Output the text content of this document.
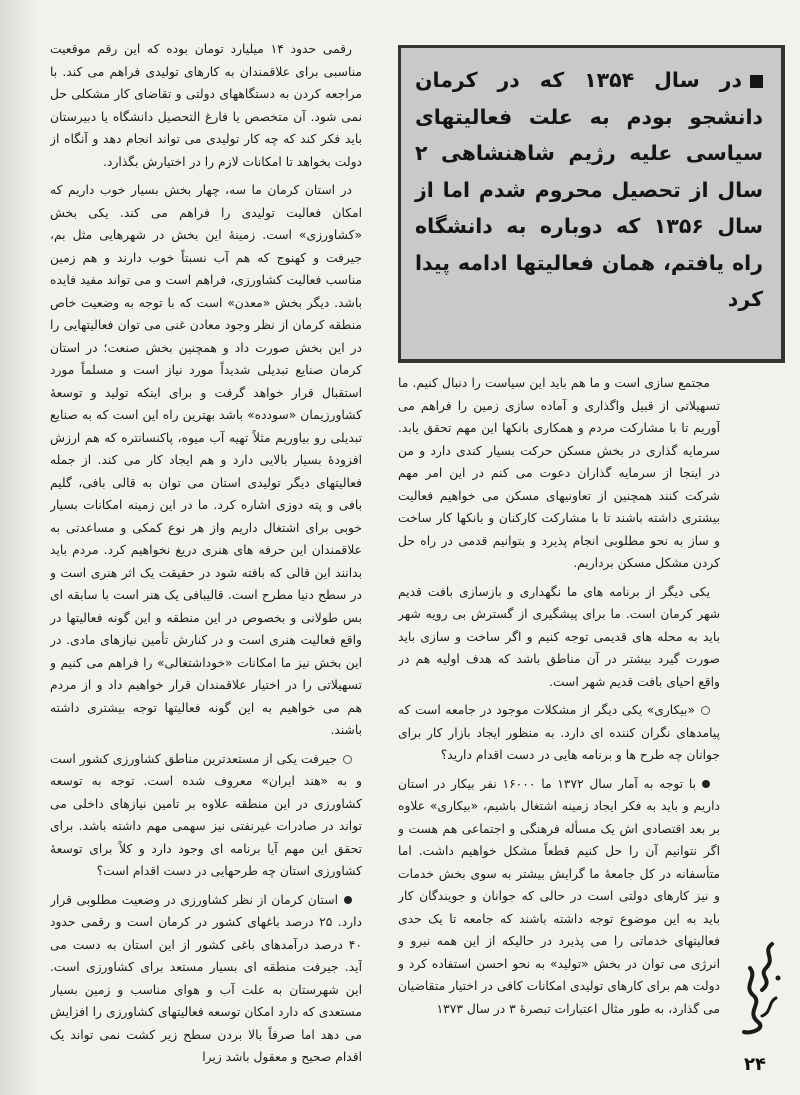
رقمی حدود ۱۴ میلیارد تومان بوده که این رقم موقعیت مناسبی برای علاقمندان به کارهای تولیدی فراهم می کند. با مراجعه کردن به دستگاههای دولتی و تقاضای کار مشکلی حل نمی شود. آن متخصص یا فارغ التحصیل دانشگاه یا دبیرستان باید فکر کند که چه کار تولیدی می تواند انجام دهد و آنگاه از دولت بخواهد تا امکانات لازم را در اختیارش بگذارد.

در استان کرمان ما سه، چهار بخش بسیار خوب داریم که امکان فعالیت تولیدی را فراهم می کند. یکی بخش «کشاورزی» است. زمینهٔ این بخش در شهرهایی مثل بم، جیرفت و کهنوج که هم آب نسبتاً خوب دارند و هم زمین مناسب فعالیت کشاورزی، فراهم است و می تواند مفید فایده باشد. دیگر بخش «معدن» است که با توجه به وضعیت خاص منطقه کرمان از نظر وجود معادن غنی می توان فعالیتهایی را در این بخش صورت داد و همچنین بخش صنعت؛ در استان کرمان صنایع تبدیلی شدیداً مورد نیاز است و مسلماً مورد استقبال قرار خواهد گرفت و برای اینکه تولید و توسعهٔ کشاورزیمان «سودده» باشد بهترین راه این است که به صنایع تبدیلی رو بیاوریم مثلاً تهیه آب میوه، پاکنسانتره که هم ارزش افزودهٔ بسیار بالایی دارد و هم ایجاد کار می کند. از جمله فعالیتهای دیگر تولیدی استان می توان به قالی بافی، گلیم بافی و پته دوزی اشاره کرد. ما در این زمینه امکانات بسیار خوبی برای اشتغال داریم واز هر نوع کمکی و مساعدتی به علاقمندان این حرفه های هنری دریغ نخواهیم کرد. مردم باید بدانند این قالی که بافته شود در حقیقت یک اثر هنری است و در سطح دنیا مطرح است. قالیبافی یک هنر است با سابقه ای بس طولانی و بخصوص در این منطقه و این گونه فعالیتها در واقع فعالیت هنری است و در کنارش تأمین نیازهای مادی. در این بخش نیز ما امکانات «خوداشتغالی» را فراهم می کنیم و تسهیلاتی را در اختیار علاقمندان قرار خواهیم داد و از مردم هم می خواهیم به این گونه فعالیتها توجه بیشتری داشته باشند.

جیرفت یکی از مستعدترین مناطق کشاورزی کشور است و به «هند ایران» معروف شده است. توجه به توسعه کشاورزی در این منطقه علاوه بر تامین نیازهای داخلی می تواند در صادرات غیرنفتی نیز سهمی مهم داشته باشد. برای تحقق این مهم آیا برنامه ای وجود دارد و کلاً برای توسعهٔ کشاورزی استان چه طرحهایی در دست اقدام است؟

استان کرمان از نظر کشاورزی در وضعیت مطلوبی قرار دارد. ۲۵ درصد باغهای کشور در کرمان است و رقمی حدود ۴۰ درصد درآمدهای باغی کشور از این استان به دست می آید. جیرفت منطقه ای بسیار مستعد برای کشاورزی است. این شهرستان به علت آب و هوای مناسب و زمین بسیار مستعدی که دارد امکان توسعه فعالیتهای کشاورزی را افزایش می دهد اما صرفاً بالا بردن سطح زیر کشت نمی تواند یک اقدام صحیح و معقول باشد زیرا

در سال ۱۳۵۴ که در کرمان دانشجو بودم به علت فعالیتهای سیاسی علیه رژیم شاهنشاهی ۲ سال از تحصیل محروم شدم اما از سال ۱۳۵۶ که دوباره به دانشگاه راه یافتم، همان فعالیتها ادامه پیدا کرد

مجتمع سازی است و ما هم باید این سیاست را دنبال کنیم. ما تسهیلاتی از قبیل واگذاری و آماده سازی زمین را فراهم می آوریم تا با مشارکت مردم و همکاری بانکها این مهم تحقق یابد. سرمایه گذاری در بخش مسکن حرکت بسیار کندی دارد و من در اینجا از سرمایه گذاران دعوت می کنم در این امر مهم شرکت کنند همچنین از تعاونیهای مسکن می خواهیم فعالیت بیشتری داشته باشند تا با مشارکت کارکنان و بانکها کار ساخت و ساز به نحو مطلوبی انجام پذیرد و بتوانیم قدمی در راه حل کردن مشکل مسکن برداریم.

یکی دیگر از برنامه های ما نگهداری و بازسازی بافت قدیم شهر کرمان است. ما برای پیشگیری از گسترش بی رویه شهر باید به محله های قدیمی توجه کنیم و اگر ساخت و سازی باید صورت گیرد بیشتر در آن مناطق باشد که هدف اولیه هم در واقع احیای بافت قدیم شهر است.

«بیکاری» یکی دیگر از مشکلات موجود در جامعه است که پیامدهای نگران کننده ای دارد. به منظور ایجاد بازار کار برای جوانان چه طرح ها و برنامه هایی در دست اقدام دارید؟

با توجه به آمار سال ۱۳۷۲ ما ۱۶۰۰۰ نفر بیکار در استان داریم و باید به فکر ایجاد زمینه اشتغال باشیم، «بیکاری» علاوه بر بعد اقتصادی اش یک مسأله فرهنگی و اجتماعی هم هست و اگر نتوانیم آن را حل کنیم قطعاً مشکل خواهیم داشت. اما متأسفانه در کل جامعهٔ ما گرایش بیشتر به سوی بخش خدمات و نیز کارهای دولتی است در حالی که جوانان و جویندگان کار باید به این موضوع توجه داشته باشند که جامعه تا یک حدی فعالیتهای خدماتی را می پذیرد در حالیکه از این همه نیرو و انرژی می توان در بخش «تولید» به نحو احسن استفاده کرد و دولت هم برای کارهای تولیدی امکانات کافی در اختیار متقاضیان می گذارد، به طور مثال اعتبارات تبصرهٔ ۳ در سال ۱۳۷۳

۲۴
